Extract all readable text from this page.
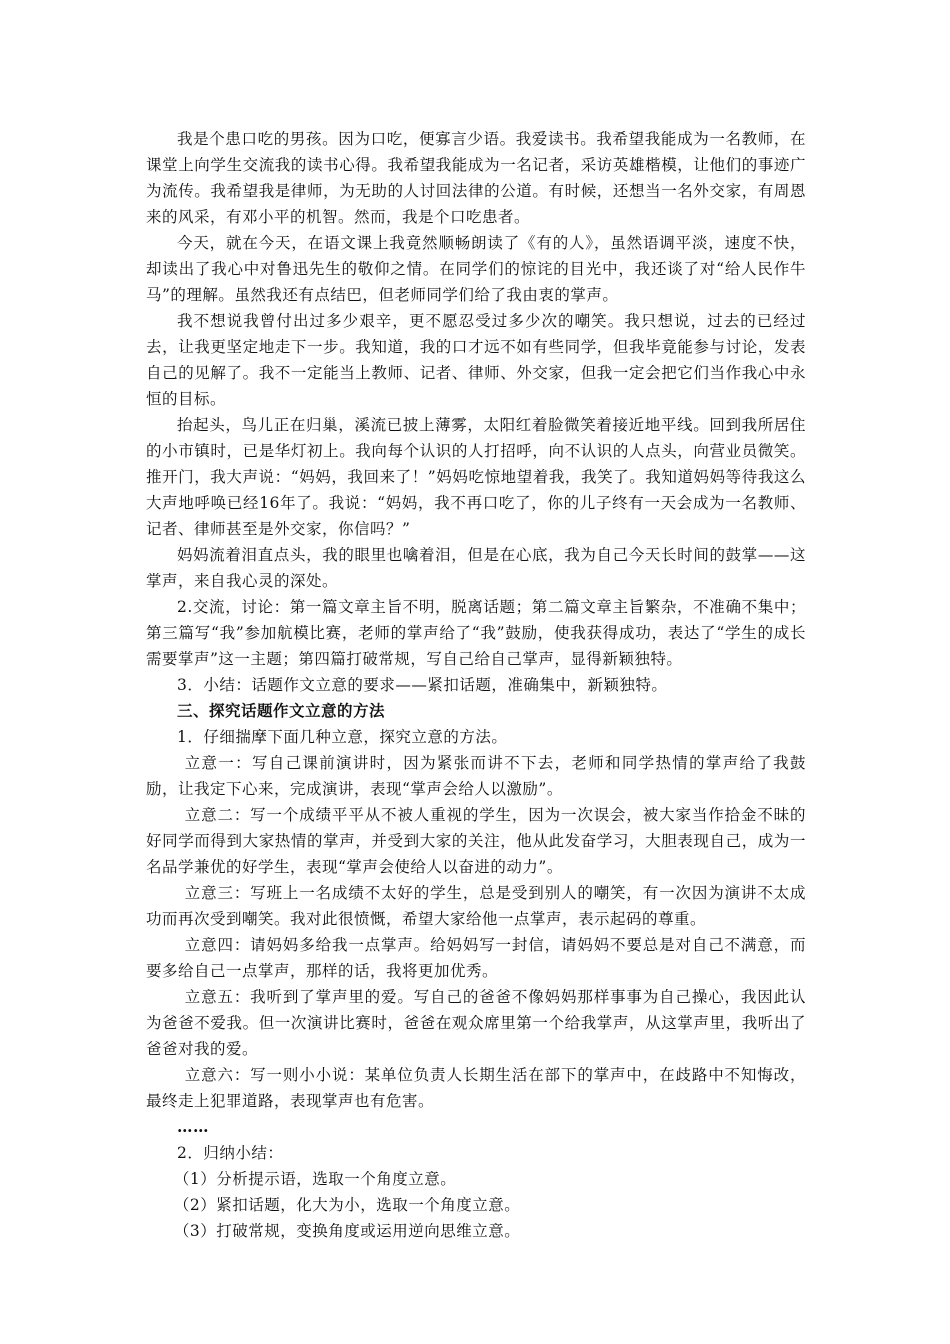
我是个患口吃的男孩。因为口吃，便寡言少语。我爱读书。我希望我能成为一名教师，在课堂上向学生交流我的读书心得。我希望我能成为一名记者，采访英雄楷模，让他们的事迹广为流传。我希望我是律师，为无助的人讨回法律的公道。有时候，还想当一名外交家，有周恩来的风采，有邓小平的机智。然而，我是个口吃患者。

今天，就在今天，在语文课上我竟然顺畅朗读了《有的人》，虽然语调平淡，速度不快，却读出了我心中对鲁迅先生的敬仰之情。在同学们的惊诧的目光中，我还谈了对“给人民作牛马”的理解。虽然我还有点结巴，但老师同学们给了我由衷的掌声。

我不想说我曾付出过多少艰辛，更不愿忍受过多少次的嘲笑。我只想说，过去的已经过去，让我更坚定地走下一步。我知道，我的口才远不如有些同学，但我毕竟能参与讨论，发表自己的见解了。我不一定能当上教师、记者、律师、外交家，但我一定会把它们当作我心中永恒的目标。

抬起头，鸟儿正在归巢，溪流已披上薄雾，太阳红着脸微笑着接近地平线。回到我所居住的小市镇时，已是华灯初上。我向每个认识的人打招呼，向不认识的人点头，向营业员微笑。推开门，我大声说：“妈妈，我回来了！”妈妈吃惊地望着我，我笑了。我知道妈妈等待我这么大声地呼唤已经16年了。我说：“妈妈，我不再口吃了，你的儿子终有一天会成为一名教师、记者、律师甚至是外交家，你信吗？”

妈妈流着泪直点头，我的眼里也噙着泪，但是在心底，我为自己今天长时间的鼓掌——这掌声，来自我心灵的深处。

2.交流，讨论：第一篇文章主旨不明，脱离话题；第二篇文章主旨繁杂，不准确不集中；第三篇写“我”参加航模比赛，老师的掌声给了“我”鼓励，使我获得成功，表达了“学生的成长需要掌声”这一主题；第四篇打破常规，写自己给自己掌声，显得新颖独特。

3．小结：话题作文立意的要求——紧扣话题，准确集中，新颖独特。

三、探究话题作文立意的方法

1．仔细揣摩下面几种立意，探究立意的方法。

立意一：写自己课前演讲时，因为紧张而讲不下去，老师和同学热情的掌声给了我鼓励，让我定下心来，完成演讲，表现“掌声会给人以激励”。

立意二：写一个成绩平平从不被人重视的学生，因为一次误会，被大家当作拾金不昧的好同学而得到大家热情的掌声，并受到大家的关注，他从此发奋学习，大胆表现自己，成为一名品学兼优的好学生，表现“掌声会使给人以奋进的动力”。

立意三：写班上一名成绩不太好的学生，总是受到别人的嘲笑，有一次因为演讲不太成功而再次受到嘲笑。我对此很愤慨，希望大家给他一点掌声，表示起码的尊重。

立意四：请妈妈多给我一点掌声。给妈妈写一封信，请妈妈不要总是对自己不满意，而要多给自己一点掌声，那样的话，我将更加优秀。

立意五：我听到了掌声里的爱。写自己的爸爸不像妈妈那样事事为自己操心，我因此认为爸爸不爱我。但一次演讲比赛时，爸爸在观众席里第一个给我掌声，从这掌声里，我听出了爸爸对我的爱。

立意六：写一则小小说：某单位负责人长期生活在部下的掌声中，在歧路中不知悔改，最终走上犯罪道路，表现掌声也有危害。

……

2．归纳小结：

（1）分析提示语，选取一个角度立意。

（2）紧扣话题，化大为小，选取一个角度立意。

（3）打破常规，变换角度或运用逆向思维立意。
